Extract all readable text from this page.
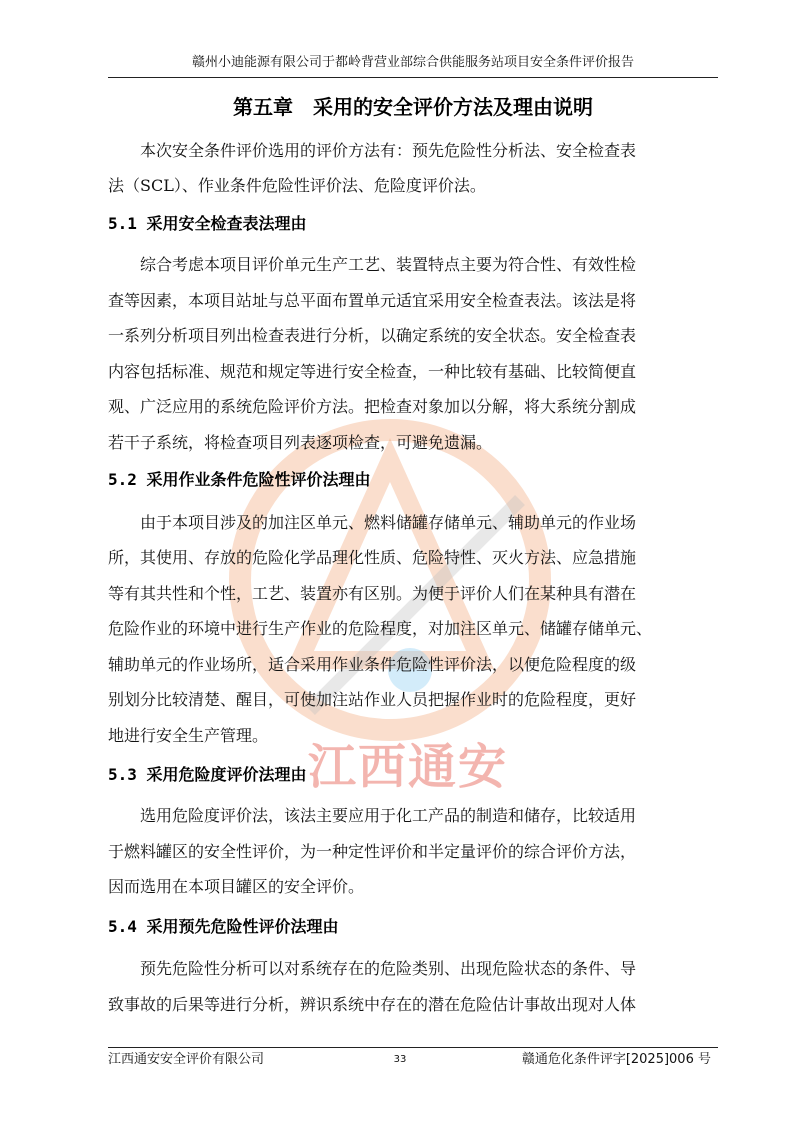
江西通安
赣州小迪能源有限公司于都岭背营业部综合供能服务站项目安全条件评价报告
第五章　采用的安全评价方法及理由说明

　　本次安全条件评价选用的评价方法有：预先危险性分析法、安全检查表

法（SCL）、作业条件危险性评价法、危险度评价法。

5.1 采用安全检查表法理由

　　综合考虑本项目评价单元生产工艺、装置特点主要为符合性、有效性检

查等因素，本项目站址与总平面布置单元适宜采用安全检查表法。该法是将

一系列分析项目列出检查表进行分析，以确定系统的安全状态。安全检查表

内容包括标准、规范和规定等进行安全检查，一种比较有基础、比较简便直

观、广泛应用的系统危险评价方法。把检查对象加以分解，将大系统分割成

若干子系统，将检查项目列表逐项检查，可避免遗漏。

5.2 采用作业条件危险性评价法理由

　　由于本项目涉及的加注区单元、燃料储罐存储单元、辅助单元的作业场

所，其使用、存放的危险化学品理化性质、危险特性、灭火方法、应急措施

等有其共性和个性，工艺、装置亦有区别。为便于评价人们在某种具有潜在

危险作业的环境中进行生产作业的危险程度，对加注区单元、储罐存储单元、

辅助单元的作业场所，适合采用作业条件危险性评价法，以便危险程度的级

别划分比较清楚、醒目，可使加注站作业人员把握作业时的危险程度，更好

地进行安全生产管理。

5.3 采用危险度评价法理由

　　选用危险度评价法，该法主要应用于化工产品的制造和储存，比较适用

于燃料罐区的安全性评价，为一种定性评价和半定量评价的综合评价方法，

因而选用在本项目罐区的安全评价。

5.4 采用预先危险性评价法理由

　　预先危险性分析可以对系统存在的危险类别、出现危险状态的条件、导

致事故的后果等进行分析，辨识系统中存在的潜在危险估计事故出现对人体

江西通安安全评价有限公司	33	赣通危化条件评字[2025]006 号
